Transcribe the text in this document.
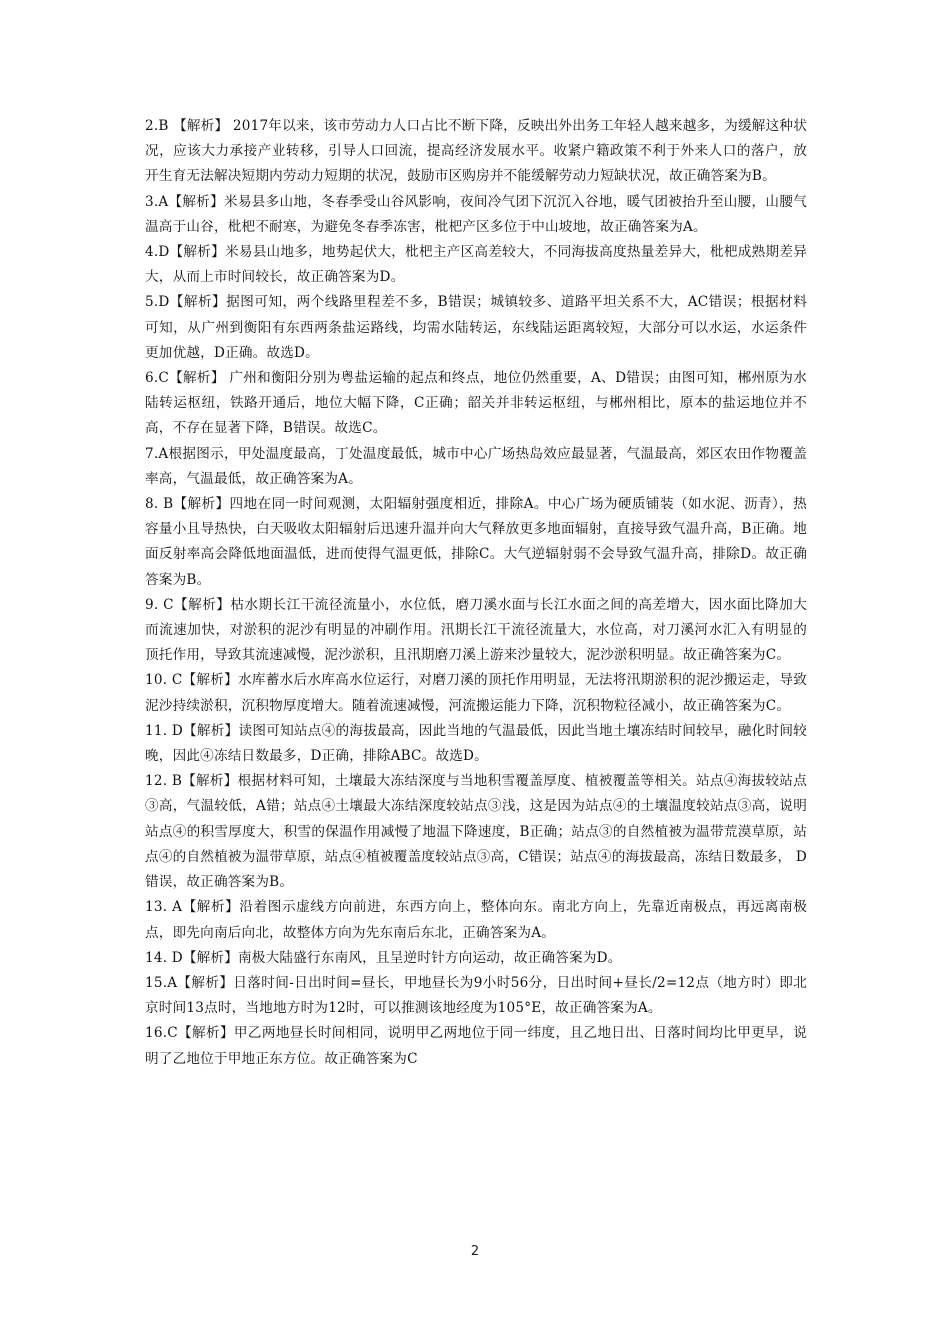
2.B 【解析】 2017年以来，该市劳动力人口占比不断下降，反映出外出务工年轻人越来越多，为缓解这种状况，应该大力承接产业转移，引导人口回流，提高经济发展水平。收紧户籍政策不利于外来人口的落户，放开生育无法解决短期内劳动力短期的状况，鼓励市区购房并不能缓解劳动力短缺状况，故正确答案为B。

3.A【解析】米易县多山地，冬春季受山谷风影响，夜间冷气团下沉沉入谷地，暖气团被抬升至山腰，山腰气温高于山谷，枇杷不耐寒，为避免冬春季冻害，枇杷产区多位于中山坡地，故正确答案为A。

4.D【解析】米易县山地多，地势起伏大，枇杷主产区高差较大，不同海拔高度热量差异大，枇杷成熟期差异大，从而上市时间较长，故正确答案为D。

5.D【解析】据图可知，两个线路里程差不多，B错误；城镇较多、道路平坦关系不大，AC错误；根据材料可知，从广州到衡阳有东西两条盐运路线，均需水陆转运，东线陆运距离较短，大部分可以水运，水运条件更加优越，D正确。故选D。

6.C【解析】 广州和衡阳分别为粤盐运输的起点和终点，地位仍然重要，A、D错误；由图可知，郴州原为水陆转运枢纽，铁路开通后，地位大幅下降，C正确；韶关并非转运枢纽，与郴州相比，原本的盐运地位并不高，不存在显著下降，B错误。故选C。

7.A根据图示，甲处温度最高，丁处温度最低，城市中心广场热岛效应最显著，气温最高，郊区农田作物覆盖率高，气温最低，故正确答案为A。

8. B【解析】四地在同一时间观测，太阳辐射强度相近，排除A。中心广场为硬质铺装（如水泥、沥青），热容量小且导热快，白天吸收太阳辐射后迅速升温并向大气释放更多地面辐射，直接导致气温升高，B正确。地面反射率高会降低地面温低，进而使得气温更低，排除C。大气逆辐射弱不会导致气温升高，排除D。故正确答案为B。

9. C【解析】枯水期长江干流径流量小，水位低，磨刀溪水面与长江水面之间的高差增大，因水面比降加大而流速加快，对淤积的泥沙有明显的冲刷作用。汛期长江干流径流量大，水位高，对刀溪河水汇入有明显的顶托作用，导致其流速减慢，泥沙淤积，且汛期磨刀溪上游来沙量较大，泥沙淤积明显。故正确答案为C。

10. C【解析】水库蓄水后水库高水位运行，对磨刀溪的顶托作用明显，无法将汛期淤积的泥沙搬运走，导致泥沙持续淤积，沉积物厚度增大。随着流速减慢，河流搬运能力下降，沉积物粒径减小，故正确答案为C。

11. D【解析】读图可知站点④的海拔最高，因此当地的气温最低，因此当地土壤冻结时间较早，融化时间较晚，因此④冻结日数最多，D正确，排除ABC。故选D。

12. B【解析】根据材料可知，土壤最大冻结深度与当地积雪覆盖厚度、植被覆盖等相关。站点④海拔较站点③高，气温较低，A错；站点④土壤最大冻结深度较站点③浅，这是因为站点④的土壤温度较站点③高，说明站点④的积雪厚度大，积雪的保温作用减慢了地温下降速度，B正确；站点③的自然植被为温带荒漠草原，站点④的自然植被为温带草原，站点④植被覆盖度较站点③高，C错误；站点④的海拔最高，冻结日数最多， D错误，故正确答案为B。

13. A【解析】沿着图示虚线方向前进，东西方向上，整体向东。南北方向上，先靠近南极点，再远离南极点，即先向南后向北，故整体方向为先东南后东北，正确答案为A。

14. D【解析】南极大陆盛行东南风，且呈逆时针方向运动，故正确答案为D。

15.A【解析】日落时间-日出时间=昼长，甲地昼长为9小时56分，日出时间+昼长/2=12点（地方时）即北京时间13点时，当地地方时为12时，可以推测该地经度为105°E，故正确答案为A。

16.C【解析】甲乙两地昼长时间相同，说明甲乙两地位于同一纬度，且乙地日出、日落时间均比甲更早，说明了乙地位于甲地正东方位。故正确答案为C

2
